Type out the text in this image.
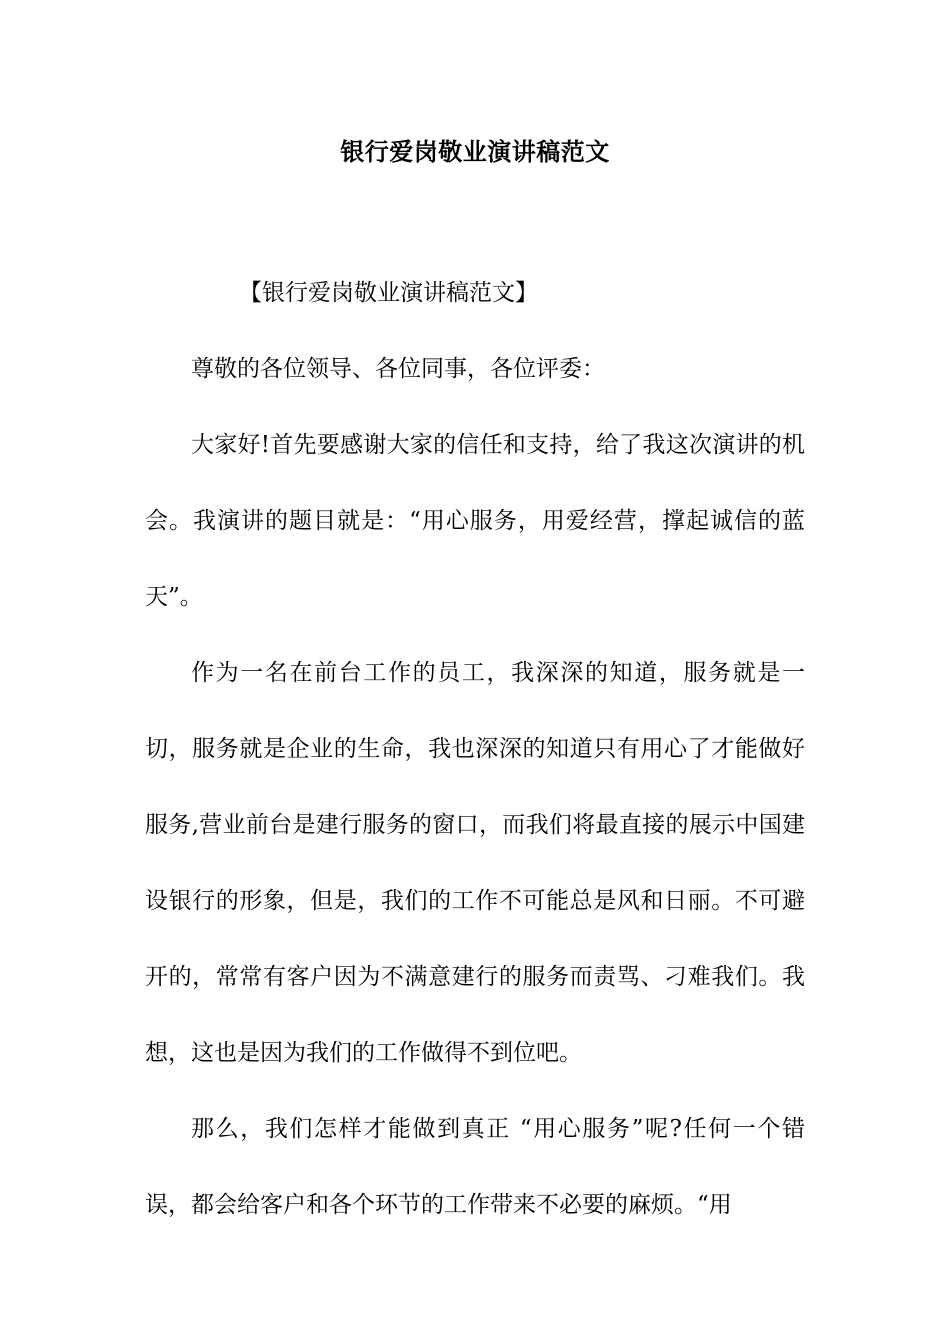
银行爱岗敬业演讲稿范文

【银行爱岗敬业演讲稿范文】

尊敬的各位领导、各位同事，各位评委：

大家好!首先要感谢大家的信任和支持，给了我这次演讲的机会。我演讲的题目就是：“用心服务，用爱经营，撑起诚信的蓝天”。

作为一名在前台工作的员工，我深深的知道，服务就是一切，服务就是企业的生命，我也深深的知道只有用心了才能做好服务,营业前台是建行服务的窗口，而我们将最直接的展示中国建设银行的形象，但是，我们的工作不可能总是风和日丽。不可避开的，常常有客户因为不满意建行的服务而责骂、刁难我们。我想，这也是因为我们的工作做得不到位吧。

那么，我们怎样才能做到真正 “用心服务”呢?任何一个错误，都会给客户和各个环节的工作带来不必要的麻烦。“用
